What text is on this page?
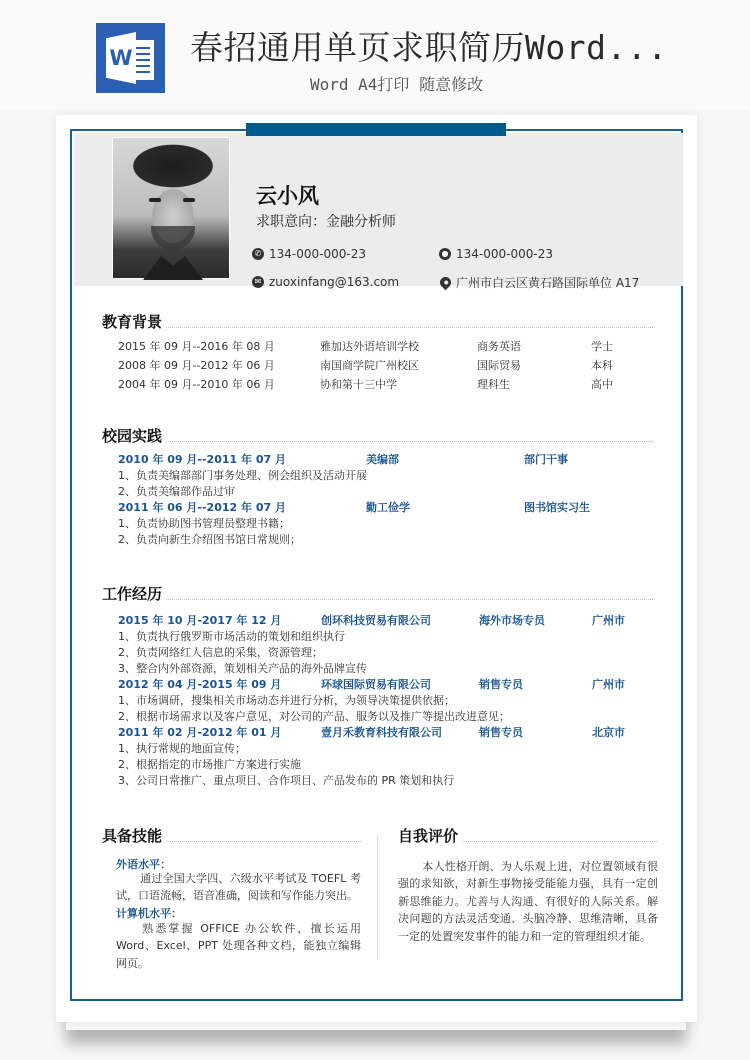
W 春招通用单页求职简历Word...
Word A4打印 随意修改
云小风
求职意向：金融分析师
✆ 134-000-000-23	● 134-000-000-23
✉ zuoxinfang@163.com	广州市白云区黄石路国际单位 A17
教育背景
2015 年 09 月--2016 年 08 月	雅加达外语培训学校	商务英语	学士
2008 年 09 月--2012 年 06 月	南国商学院广州校区	国际贸易	本科
2004 年 09 月--2010 年 06 月	协和第十三中学	理科生	高中
校园实践
2010 年 09 月--2011 年 07 月	美编部	部门干事
1、负责美编部部门事务处理、例会组织及活动开展
2、负责美编部作品过审
2011 年 06 月--2012 年 07 月	勤工俭学	图书馆实习生
1、负责协助图书管理员整理书籍；
2、负责向新生介绍图书馆日常规则；
工作经历
2015 年 10 月-2017 年 12 月	创环科技贸易有限公司	海外市场专员	广州市
1、负责执行俄罗斯市场活动的策划和组织执行
2、负责网络红人信息的采集，资源管理；
3、整合内外部资源，策划相关产品的海外品牌宣传
2012 年 04 月-2015 年 09 月	环球国际贸易有限公司	销售专员	广州市
1、市场调研，搜集相关市场动态并进行分析，为领导决策提供依据；
2、根据市场需求以及客户意见，对公司的产品、服务以及推广等提出改进意见；
2011 年 02 月-2012 年 01 月	壹月禾教育科技有限公司	销售专员	北京市
1、执行常规的地面宣传；
2、根据指定的市场推广方案进行实施
3、公司日常推广、重点项目、合作项目、产品发布的 PR 策划和执行
具备技能
外语水平：
通过全国大学四、六级水平考试及 TOEFL 考试，口语流畅，语音准确，阅读和写作能力突出。
计算机水平：
熟悉掌握 OFFICE 办公软件，擅长运用 Word、Excel、PPT 处理各种文档，能独立编辑网页。
自我评价
本人性格开朗、为人乐观上进，对位置领域有很强的求知欲，对新生事物接受能能力强，具有一定创新思维能力。尤善与人沟通、有很好的人际关系。解决问题的方法灵活变通、头脑冷静、思维清晰，具备 一定的处置突发事件的能力和一定的管理组织才能。
